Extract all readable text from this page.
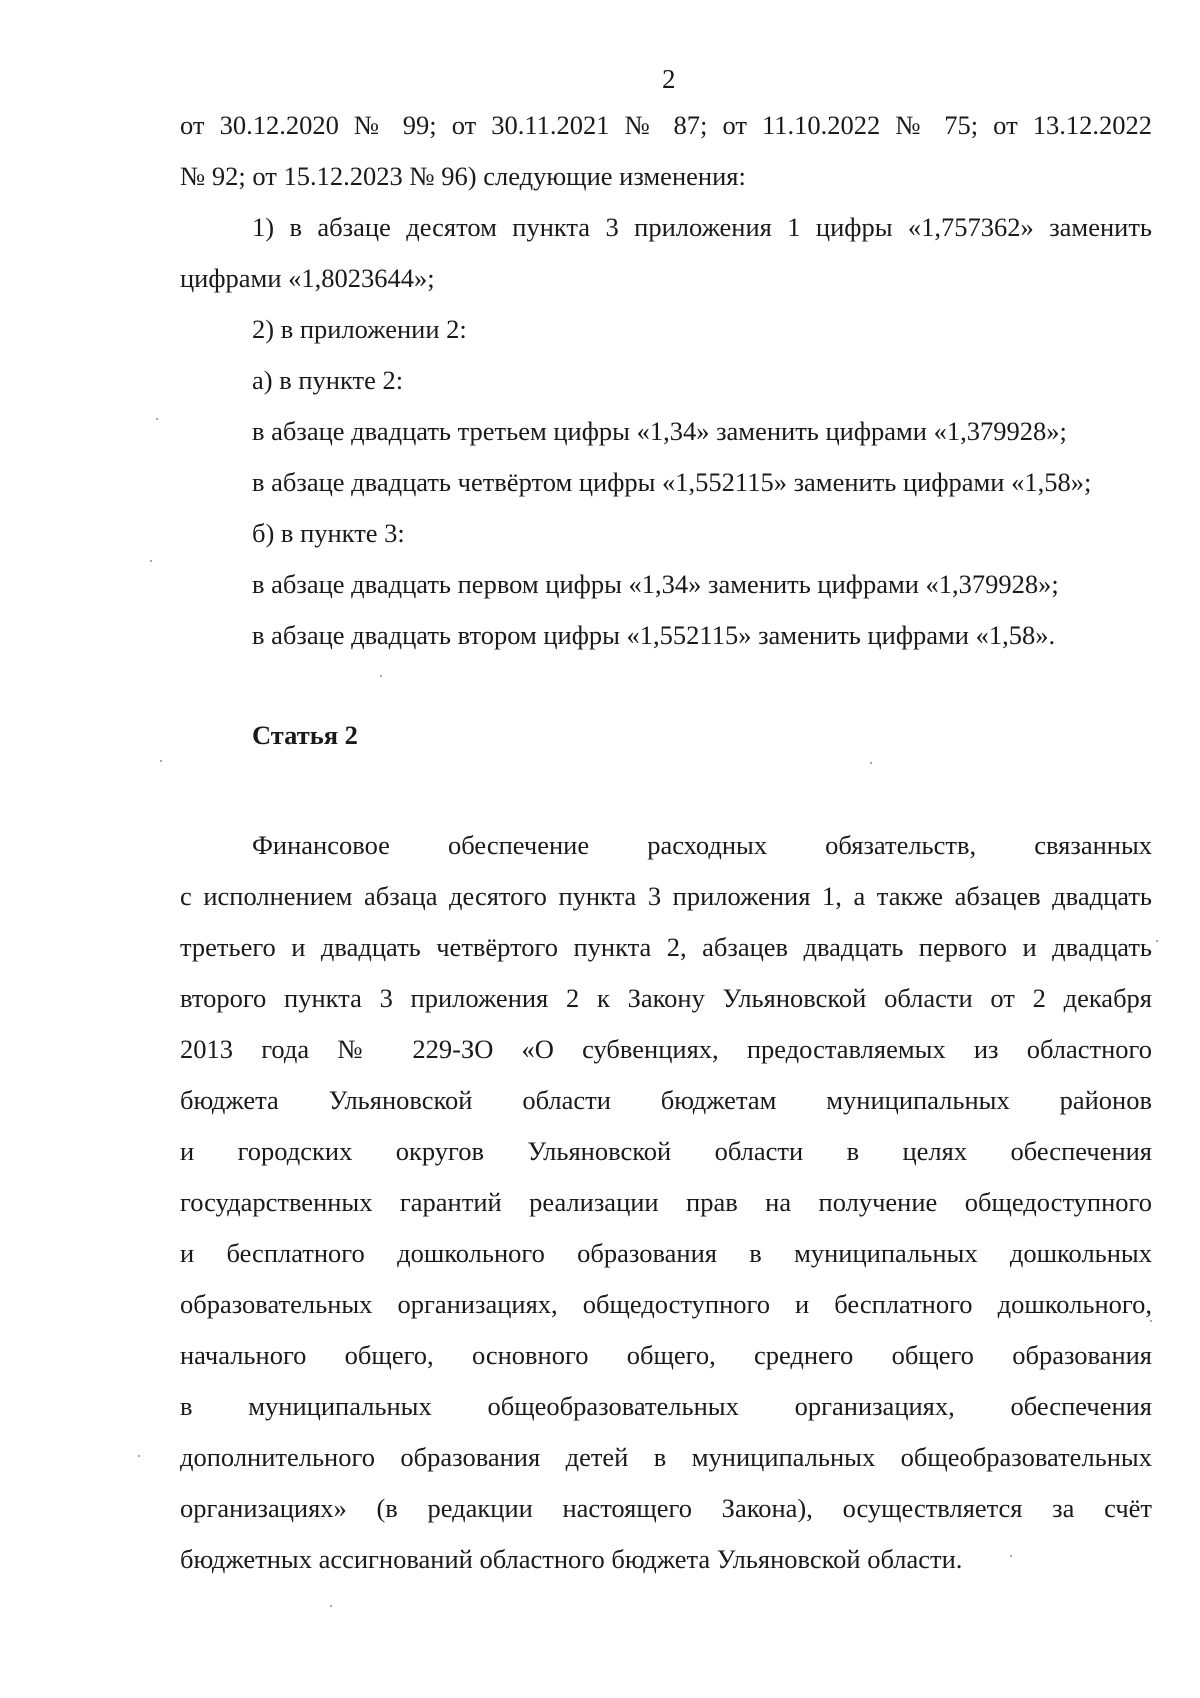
2
от 30.12.2020 № 99; от 30.11.2021 № 87; от 11.10.2022 № 75; от 13.12.2022
№ 92; от 15.12.2023 № 96) следующие изменения:
1) в абзаце десятом пункта 3 приложения 1 цифры «1,757362» заменить
цифрами «1,8023644»;
2) в приложении 2:
а) в пункте 2:
в абзаце двадцать третьем цифры «1,34» заменить цифрами «1,379928»;
в абзаце двадцать четвёртом цифры «1,552115» заменить цифрами «1,58»;
б) в пункте 3:
в абзаце двадцать первом цифры «1,34» заменить цифрами «1,379928»;
в абзаце двадцать втором цифры «1,552115» заменить цифрами «1,58».
Статья 2
Финансовое обеспечение расходных обязательств, связанных
с исполнением абзаца десятого пункта 3 приложения 1, а также абзацев двадцать
третьего и двадцать четвёртого пункта 2, абзацев двадцать первого и двадцать
второго пункта 3 приложения 2 к Закону Ульяновской области от 2 декабря
2013 года № 229-ЗО «О субвенциях, предоставляемых из областного
бюджета Ульяновской области бюджетам муниципальных районов
и городских округов Ульяновской области в целях обеспечения
государственных гарантий реализации прав на получение общедоступного
и бесплатного дошкольного образования в муниципальных дошкольных
образовательных организациях, общедоступного и бесплатного дошкольного,
начального общего, основного общего, среднего общего образования
в муниципальных общеобразовательных организациях, обеспечения
дополнительного образования детей в муниципальных общеобразовательных
организациях» (в редакции настоящего Закона), осуществляется за счёт
бюджетных ассигнований областного бюджета Ульяновской области.
